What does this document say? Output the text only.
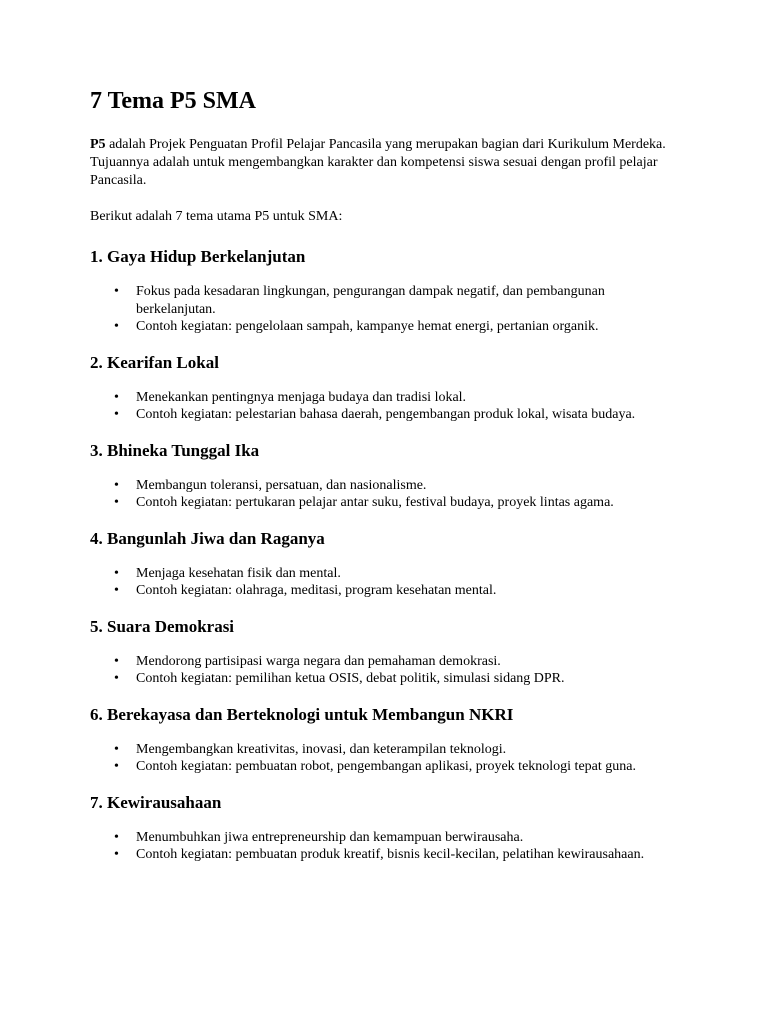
7 Tema P5 SMA

P5 adalah Projek Penguatan Profil Pelajar Pancasila yang merupakan bagian dari Kurikulum Merdeka. Tujuannya adalah untuk mengembangkan karakter dan kompetensi siswa sesuai dengan profil pelajar Pancasila.

Berikut adalah 7 tema utama P5 untuk SMA:

1. Gaya Hidup Berkelanjutan
• Fokus pada kesadaran lingkungan, pengurangan dampak negatif, dan pembangunan berkelanjutan.
• Contoh kegiatan: pengelolaan sampah, kampanye hemat energi, pertanian organik.
2. Kearifan Lokal
• Menekankan pentingnya menjaga budaya dan tradisi lokal.
• Contoh kegiatan: pelestarian bahasa daerah, pengembangan produk lokal, wisata budaya.
3. Bhineka Tunggal Ika
• Membangun toleransi, persatuan, dan nasionalisme.
• Contoh kegiatan: pertukaran pelajar antar suku, festival budaya, proyek lintas agama.
4. Bangunlah Jiwa dan Raganya
• Menjaga kesehatan fisik dan mental.
• Contoh kegiatan: olahraga, meditasi, program kesehatan mental.
5. Suara Demokrasi
• Mendorong partisipasi warga negara dan pemahaman demokrasi.
• Contoh kegiatan: pemilihan ketua OSIS, debat politik, simulasi sidang DPR.
6. Berekayasa dan Berteknologi untuk Membangun NKRI
• Mengembangkan kreativitas, inovasi, dan keterampilan teknologi.
• Contoh kegiatan: pembuatan robot, pengembangan aplikasi, proyek teknologi tepat guna.
7. Kewirausahaan
• Menumbuhkan jiwa entrepreneurship dan kemampuan berwirausaha.
• Contoh kegiatan: pembuatan produk kreatif, bisnis kecil-kecilan, pelatihan kewirausahaan.
